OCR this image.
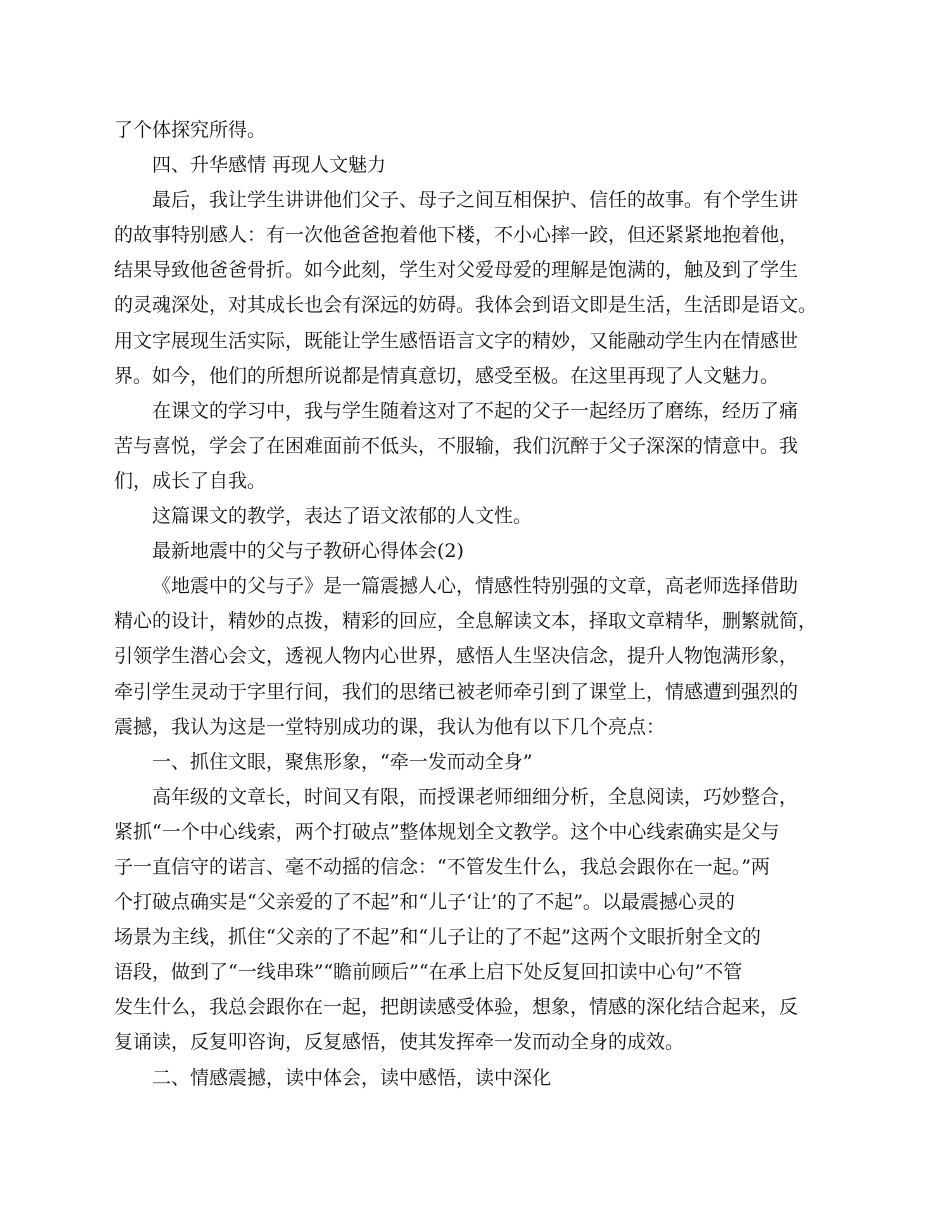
了个体探究所得。

四、升华感情 再现人文魅力

最后，我让学生讲讲他们父子、母子之间互相保护、信任的故事。有个学生讲
的故事特别感人：有一次他爸爸抱着他下楼，不小心摔一跤，但还紧紧地抱着他，
结果导致他爸爸骨折。如今此刻，学生对父爱母爱的理解是饱满的，触及到了学生
的灵魂深处，对其成长也会有深远的妨碍。我体会到语文即是生活，生活即是语文。
用文字展现生活实际，既能让学生感悟语言文字的精妙，又能融动学生内在情感世
界。如今，他们的所想所说都是情真意切，感受至极。在这里再现了人文魅力。

在课文的学习中，我与学生随着这对了不起的父子一起经历了磨练，经历了痛
苦与喜悦，学会了在困难面前不低头，不服输，我们沉醉于父子深深的情意中。我
们，成长了自我。

这篇课文的教学，表达了语文浓郁的人文性。

最新地震中的父与子教研心得体会(2)

《地震中的父与子》是一篇震撼人心，情感性特别强的文章，高老师选择借助
精心的设计，精妙的点拨，精彩的回应，全息解读文本，择取文章精华，删繁就简，
引领学生潜心会文，透视人物内心世界，感悟人生坚决信念，提升人物饱满形象，
牵引学生灵动于字里行间，我们的思绪已被老师牵引到了课堂上，情感遭到强烈的
震撼，我认为这是一堂特别成功的课，我认为他有以下几个亮点：

一、抓住文眼，聚焦形象，“牵一发而动全身”

高年级的文章长，时间又有限，而授课老师细细分析，全息阅读，巧妙整合，
紧抓“一个中心线索，两个打破点”整体规划全文教学。这个中心线索确实是父与
子一直信守的诺言、毫不动摇的信念：“不管发生什么，我总会跟你在一起。”两
个打破点确实是“父亲爱的了不起”和“儿子‘让’的了不起”。以最震撼心灵的
场景为主线，抓住“父亲的了不起”和“儿子让的了不起”这两个文眼折射全文的
语段，做到了“一线串珠”“瞻前顾后”“在承上启下处反复回扣读中心句”不管
发生什么，我总会跟你在一起，把朗读感受体验，想象，情感的深化结合起来，反
复诵读，反复叩咨询，反复感悟，使其发挥牵一发而动全身的成效。

二、情感震撼，读中体会，读中感悟，读中深化
